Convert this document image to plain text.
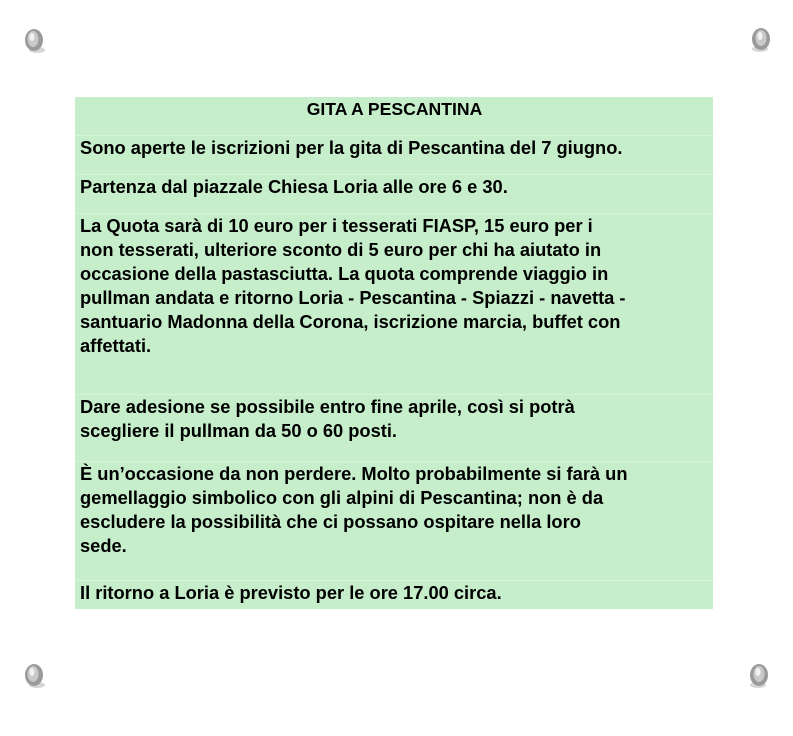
GITA A PESCANTINA
Sono aperte le iscrizioni per la gita di Pescantina del 7 giugno.
Partenza dal piazzale Chiesa Loria alle ore 6 e 30.
La Quota sarà di 10 euro per i tesserati FIASP, 15 euro per i
non tesserati, ulteriore sconto di 5 euro per chi ha aiutato in
occasione della pastasciutta. La quota comprende viaggio in
pullman andata e ritorno Loria - Pescantina - Spiazzi - navetta -
santuario Madonna della Corona, iscrizione marcia, buffet con
affettati.
Dare adesione se possibile entro fine aprile, così si potrà
scegliere il pullman da 50 o 60 posti.
È un’occasione da non perdere. Molto probabilmente si farà un
gemellaggio simbolico con gli alpini di Pescantina; non è da
escludere la possibilità che ci possano ospitare nella loro
sede.
Il ritorno a Loria è previsto per le ore 17.00 circa.
